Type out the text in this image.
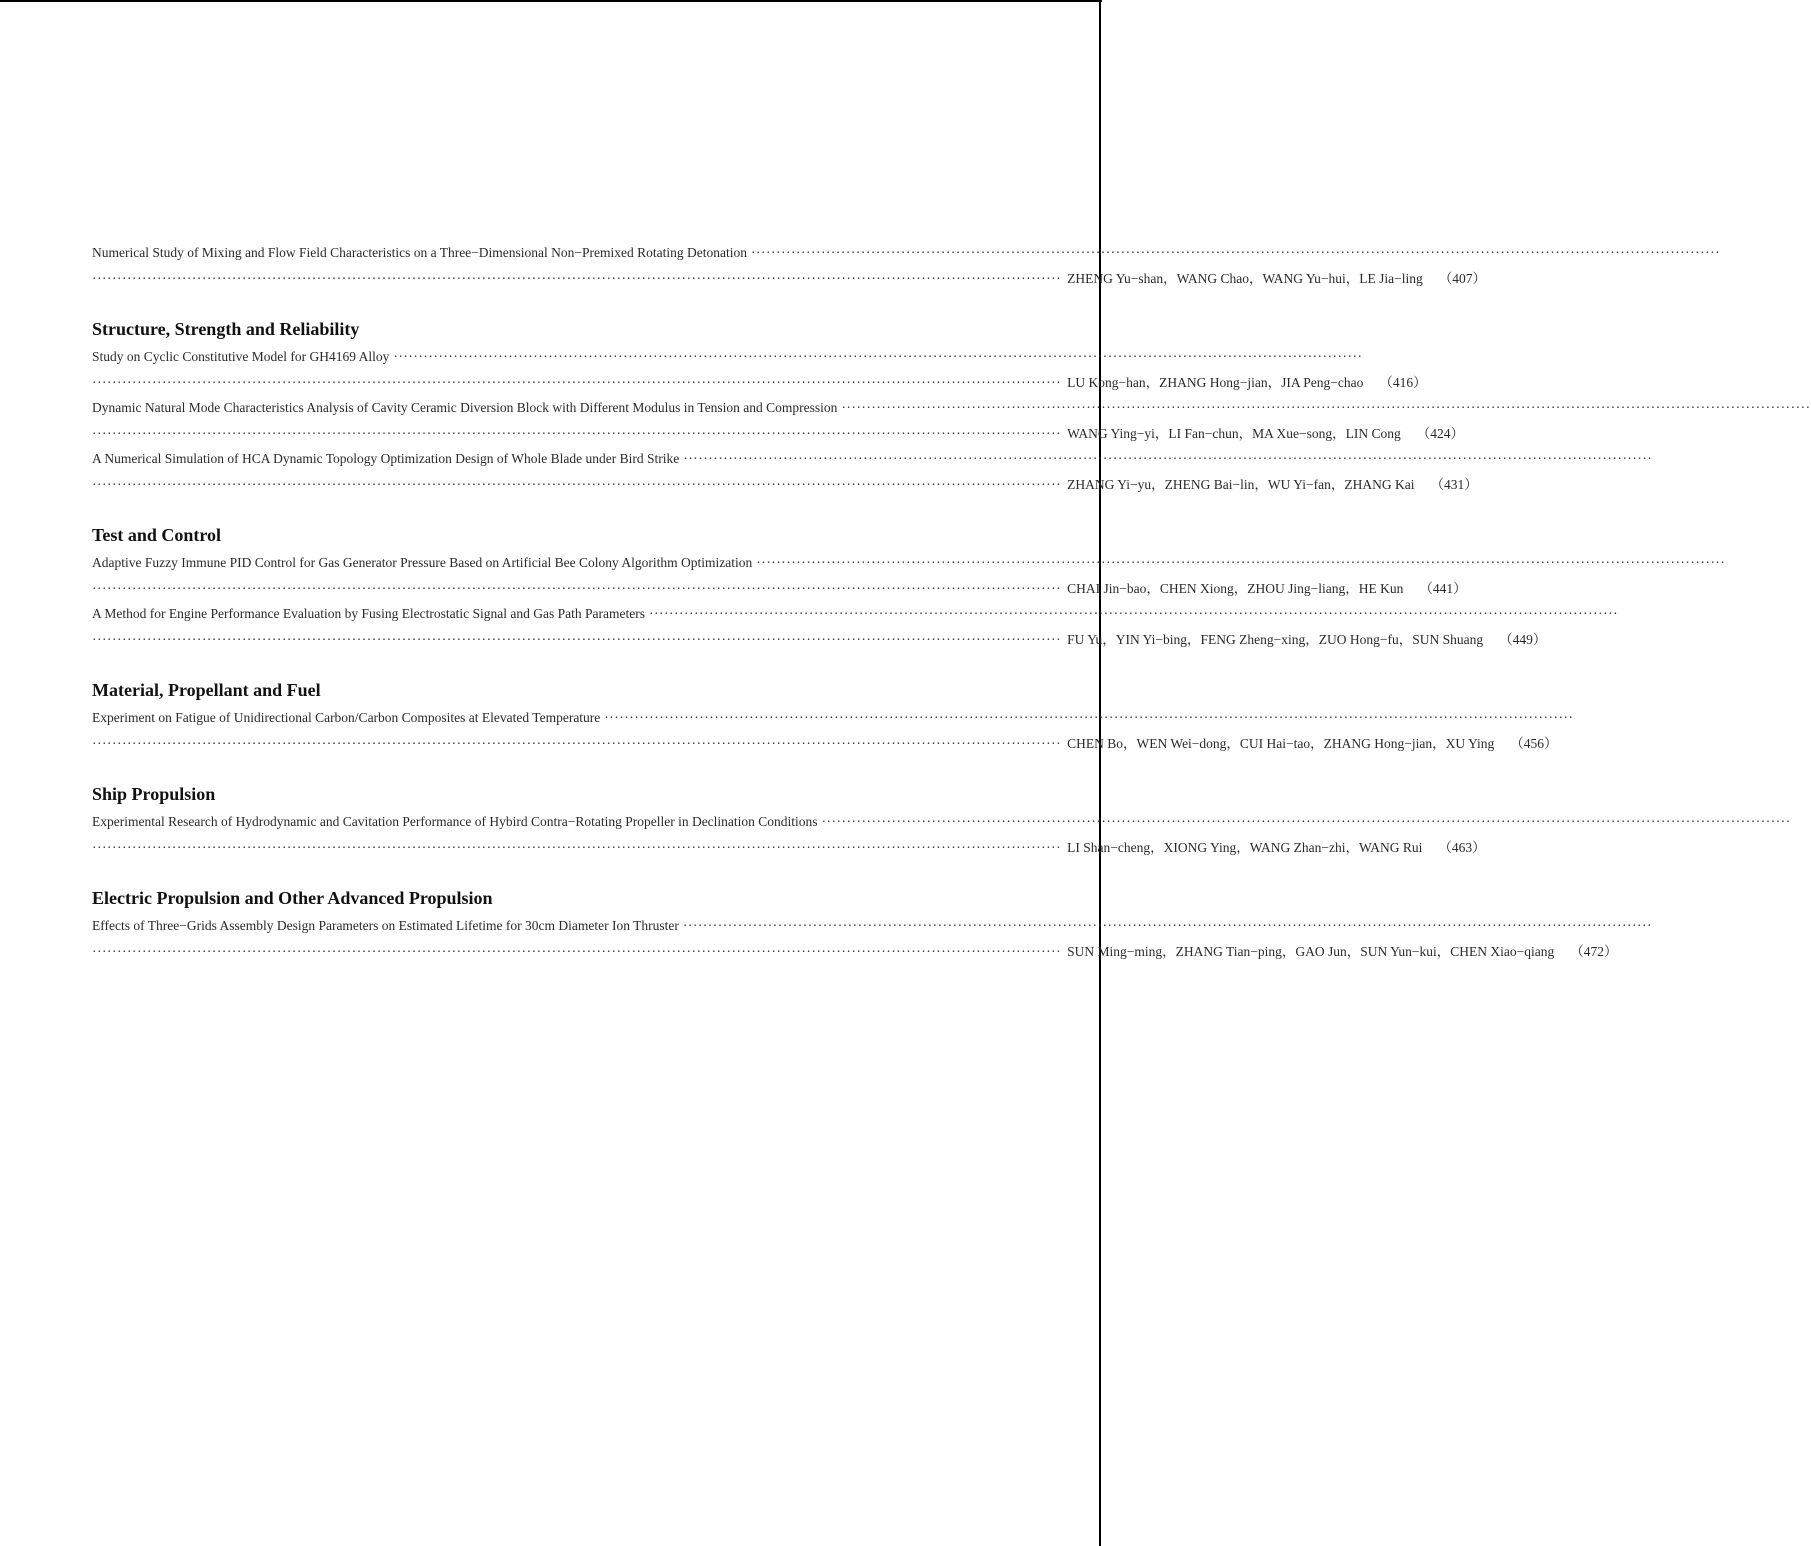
Numerical Study of Mixing and Flow Field Characteristics on a Three−Dimensional Non−Premixed Rotating Detonation
·····
·····
ZHENG Yu−shan，WANG Chao，WANG Yu−hui，LE Jia−ling	（407）
Structure, Strength and Reliability
Study on Cyclic Constitutive Model for GH4169 Alloy
·····
·····
LU Kong−han，ZHANG Hong−jian，JIA Peng−chao	（416）
Dynamic Natural Mode Characteristics Analysis of Cavity Ceramic Diversion Block with Different Modulus in Tension and Compression
·····
·····
WANG Ying−yi，LI Fan−chun，MA Xue−song，LIN Cong	（424）
A Numerical Simulation of HCA Dynamic Topology Optimization Design of Whole Blade under Bird Strike
·····
·····
ZHANG Yi−yu，ZHENG Bai−lin，WU Yi−fan，ZHANG Kai	（431）
Test and Control
Adaptive Fuzzy Immune PID Control for Gas Generator Pressure Based on Artificial Bee Colony Algorithm Optimization
·····
·····
CHAI Jin−bao，CHEN Xiong，ZHOU Jing−liang，HE Kun	（441）
A Method for Engine Performance Evaluation by Fusing Electrostatic Signal and Gas Path Parameters
·····
·····
FU Yu，YIN Yi−bing，FENG Zheng−xing，ZUO Hong−fu，SUN Shuang	（449）
Material, Propellant and Fuel
Experiment on Fatigue of Unidirectional Carbon/Carbon Composites at Elevated Temperature
·····
·····
CHEN Bo，WEN Wei−dong，CUI Hai−tao，ZHANG Hong−jian，XU Ying	（456）
Ship Propulsion
Experimental Research of Hydrodynamic and Cavitation Performance of Hybird Contra−Rotating Propeller in Declination Conditions
·····
·····
LI Shan−cheng，XIONG Ying，WANG Zhan−zhi，WANG Rui	（463）
Electric Propulsion and Other Advanced Propulsion
Effects of Three−Grids Assembly Design Parameters on Estimated Lifetime for 30cm Diameter Ion Thruster
·····
·····
SUN Ming−ming，ZHANG Tian−ping，GAO Jun，SUN Yun−kui，CHEN Xiao−qiang	（472）
